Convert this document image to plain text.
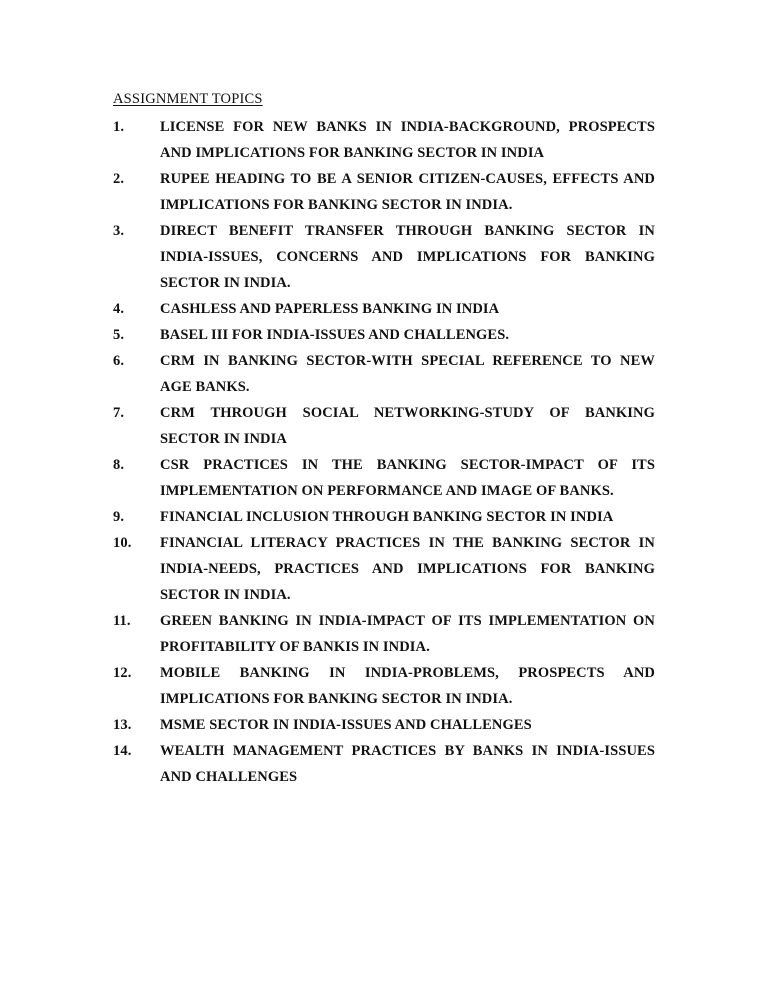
ASSIGNMENT TOPICS
1.	LICENSE FOR NEW BANKS IN INDIA-BACKGROUND, PROSPECTS AND IMPLICATIONS FOR BANKING SECTOR IN INDIA
2.	RUPEE HEADING TO BE A SENIOR CITIZEN-CAUSES, EFFECTS AND IMPLICATIONS FOR BANKING SECTOR IN INDIA.
3.	DIRECT BENEFIT TRANSFER THROUGH BANKING SECTOR IN INDIA-ISSUES, CONCERNS AND IMPLICATIONS FOR BANKING SECTOR IN INDIA.
4.	CASHLESS AND PAPERLESS BANKING IN INDIA
5.	BASEL III FOR INDIA-ISSUES AND CHALLENGES.
6.	CRM IN BANKING SECTOR-WITH SPECIAL REFERENCE TO NEW AGE BANKS.
7.	CRM THROUGH SOCIAL NETWORKING-STUDY OF BANKING SECTOR IN INDIA
8.	CSR PRACTICES IN THE BANKING SECTOR-IMPACT OF ITS IMPLEMENTATION ON PERFORMANCE AND IMAGE OF BANKS.
9.	FINANCIAL INCLUSION THROUGH BANKING SECTOR IN INDIA
10.	FINANCIAL LITERACY PRACTICES IN THE BANKING SECTOR IN INDIA-NEEDS, PRACTICES AND IMPLICATIONS FOR BANKING SECTOR IN INDIA.
11.	GREEN BANKING IN INDIA-IMPACT OF ITS IMPLEMENTATION ON PROFITABILITY OF BANKIS IN INDIA.
12.	MOBILE BANKING IN INDIA-PROBLEMS, PROSPECTS AND IMPLICATIONS FOR BANKING SECTOR IN INDIA.
13.	MSME SECTOR IN INDIA-ISSUES AND CHALLENGES
14.	WEALTH MANAGEMENT PRACTICES BY BANKS IN INDIA-ISSUES AND CHALLENGES
